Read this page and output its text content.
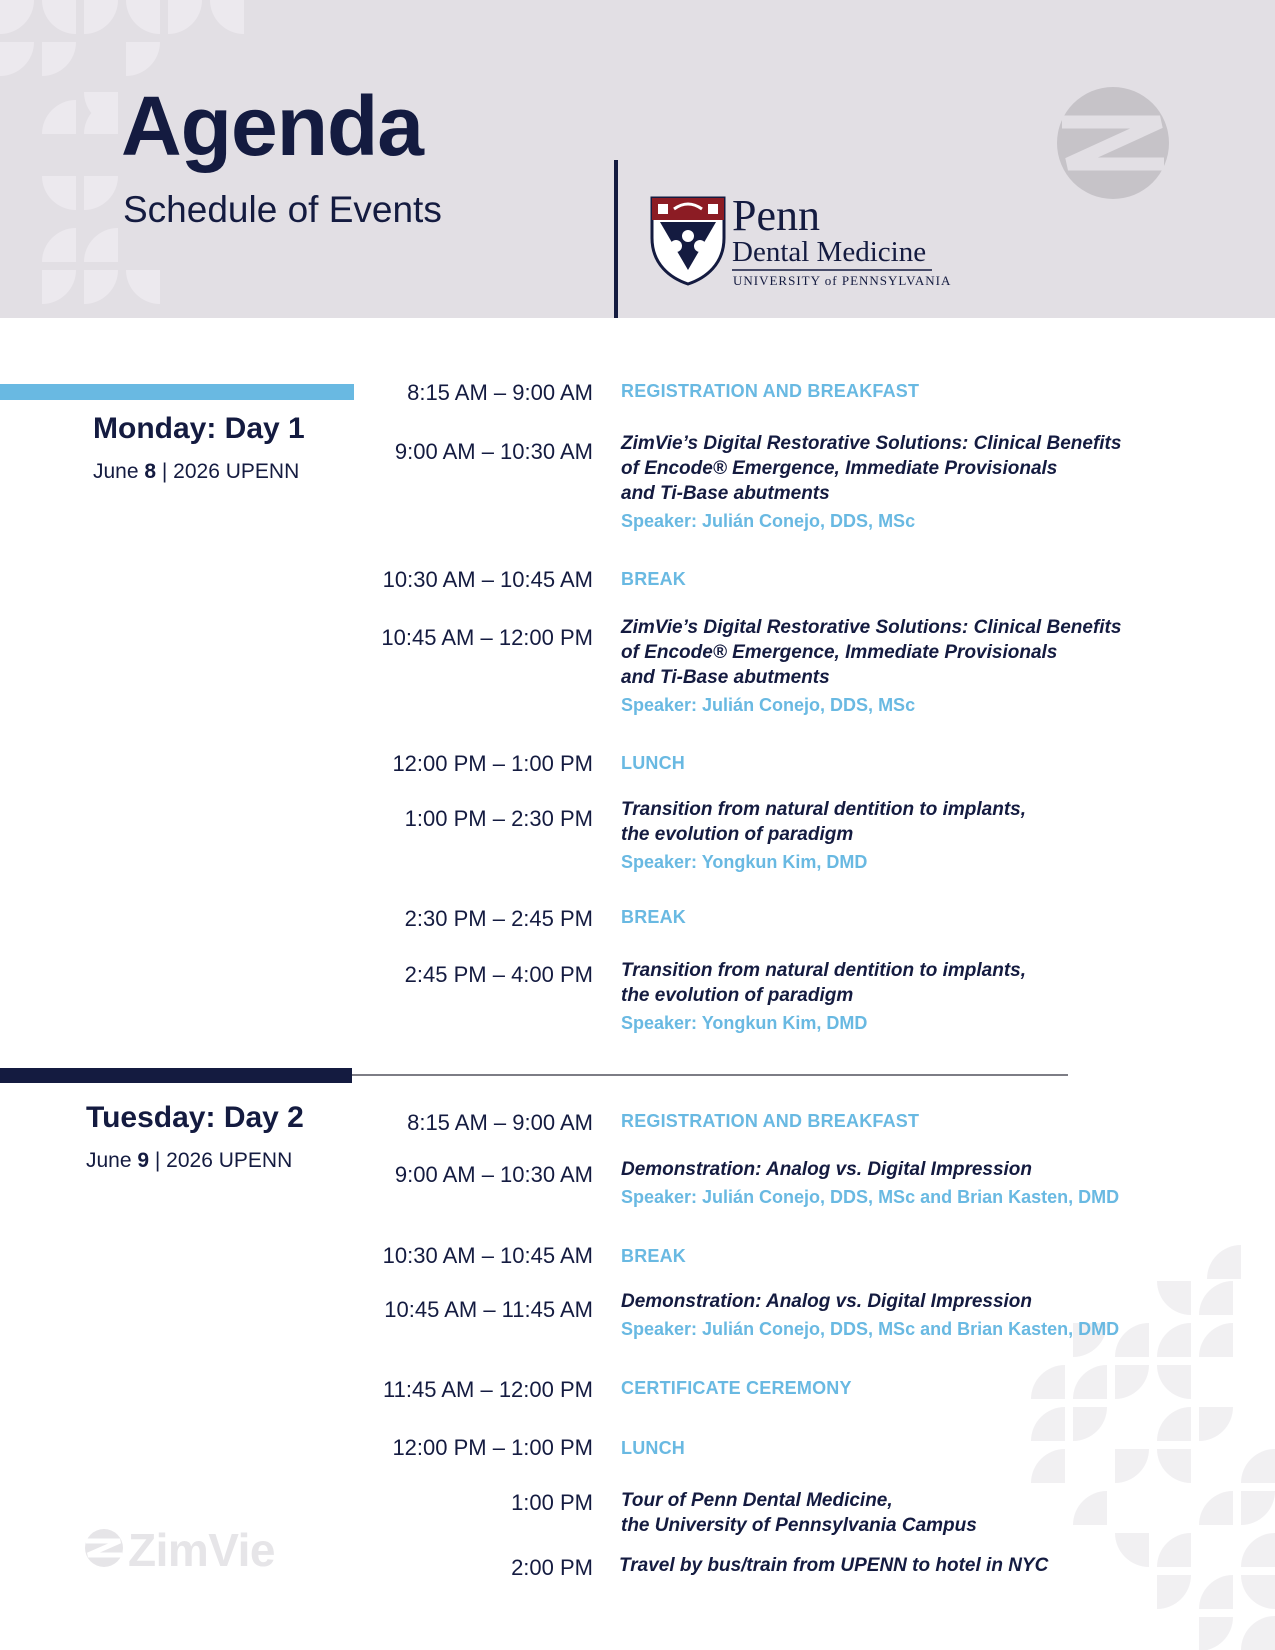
Agenda
Schedule of Events	Penn
Dental Medicine
UNIVERSITY of PENNSYLVANIA
Monday: Day 1
June 8 | 2026 UPENN
8:15 AM – 9:00 AM REGISTRATION AND BREAKFAST
9:00 AM – 10:30 AM ZimVie’s Digital Restorative Solutions: Clinical Benefits
of Encode® Emergence, Immediate Provisionals
and Ti-Base abutments

Speaker: Julián Conejo, DDS, MSc
10:30 AM – 10:45 AM BREAK
10:45 AM – 12:00 PM ZimVie’s Digital Restorative Solutions: Clinical Benefits
of Encode® Emergence, Immediate Provisionals
and Ti-Base abutments

Speaker: Julián Conejo, DDS, MSc
12:00 PM – 1:00 PM LUNCH
1:00 PM – 2:30 PM Transition from natural dentition to implants,
the evolution of paradigm

Speaker: Yongkun Kim, DMD
2:30 PM – 2:45 PM BREAK
2:45 PM – 4:00 PM Transition from natural dentition to implants,
the evolution of paradigm

Speaker: Yongkun Kim, DMD
Tuesday: Day 2
June 9 | 2026 UPENN
8:15 AM – 9:00 AM REGISTRATION AND BREAKFAST
9:00 AM – 10:30 AM Demonstration: Analog vs. Digital Impression

Speaker: Julián Conejo, DDS, MSc and Brian Kasten, DMD
10:30 AM – 10:45 AM BREAK
10:45 AM – 11:45 AM Demonstration: Analog vs. Digital Impression

Speaker: Julián Conejo, DDS, MSc and Brian Kasten, DMD
11:45 AM – 12:00 PM CERTIFICATE CEREMONY
12:00 PM – 1:00 PM LUNCH
1:00 PM Tour of Penn Dental Medicine,
the University of Pennsylvania Campus

2:00 PM Travel by bus/train from UPENN to hotel in NYC

ZimVie
